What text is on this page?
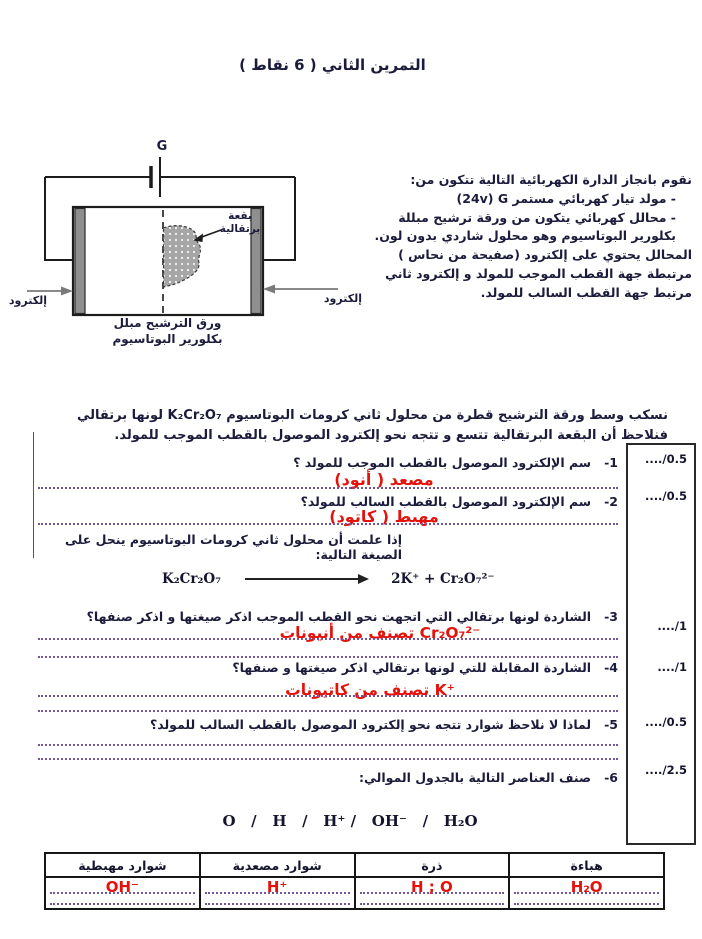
التمرين الثاني ( 6 نقاط )
G
بقعة
برتقالية
إلكترود	إلكترود
ورق الترشيح مبلل
بكلورير البوتاسيوم
نقوم بانجاز الدارة الكهربائية التالية تتكون من:
- مولد تيار كهربائي مستمر ⁦(24v) G⁩
- محالل كهربائي يتكون من ورقة ترشيح مبللة بكلورير البوتاسيوم وهو محلول شاردي بدون لون.
المحالل يحتوي على إلكترود (صفيحة من نحاس ) مرتبطة جهة القطب الموجب للمولد و إلكترود ثاني مرتبط جهة القطب السالب للمولد.
نسكب وسط ورقة الترشيح قطرة من محلول ثاني كرومات البوتاسيوم K₂Cr₂O₇ لونها برتقالي فنلاحظ أن البقعة البرتقالية تتسع و تتجه نحو إلكترود الموصول بالقطب الموجب للمولد.
1-سم الإلكترود الموصول بالقطب الموجب للمولد ؟
مصعد ( أنود)
2-سم الإلكترود الموصول بالقطب السالب للمولد؟
مهبط ( كاتود)
إذا علمت أن محلول ثاني كرومات البوتاسيوم ينحل على الصيغة التالية:
K₂Cr₂O₇	2K⁺ + Cr₂O₇²⁻
3-الشاردة لونها برتقالي التي اتجهت نحو القطب الموجب اذكر صيغتها و اذكر صنفها؟
⁦Cr₂O₇²⁻⁩ تصنف من أنيونات
4-الشاردة المقابلة للتي لونها برتقالي اذكر صيغتها و صنفها؟
⁦K⁺⁩ تصنف من كاتيونات
5-لماذا لا نلاحظ شوارد تتجه نحو إلكترود الموصول بالقطب السالب للمولد؟
6-صنف العناصر التالية بالجدول الموالي:
..../0.5
..../0.5
..../1
..../1
..../0.5
..../2.5
O   /   H   /   H⁺ /   OH⁻   /   H₂O
هباءة	ذرة	شوارد مصعدية	شوارد مهبطية

H₂O	H ; O	H⁺	OH⁻
